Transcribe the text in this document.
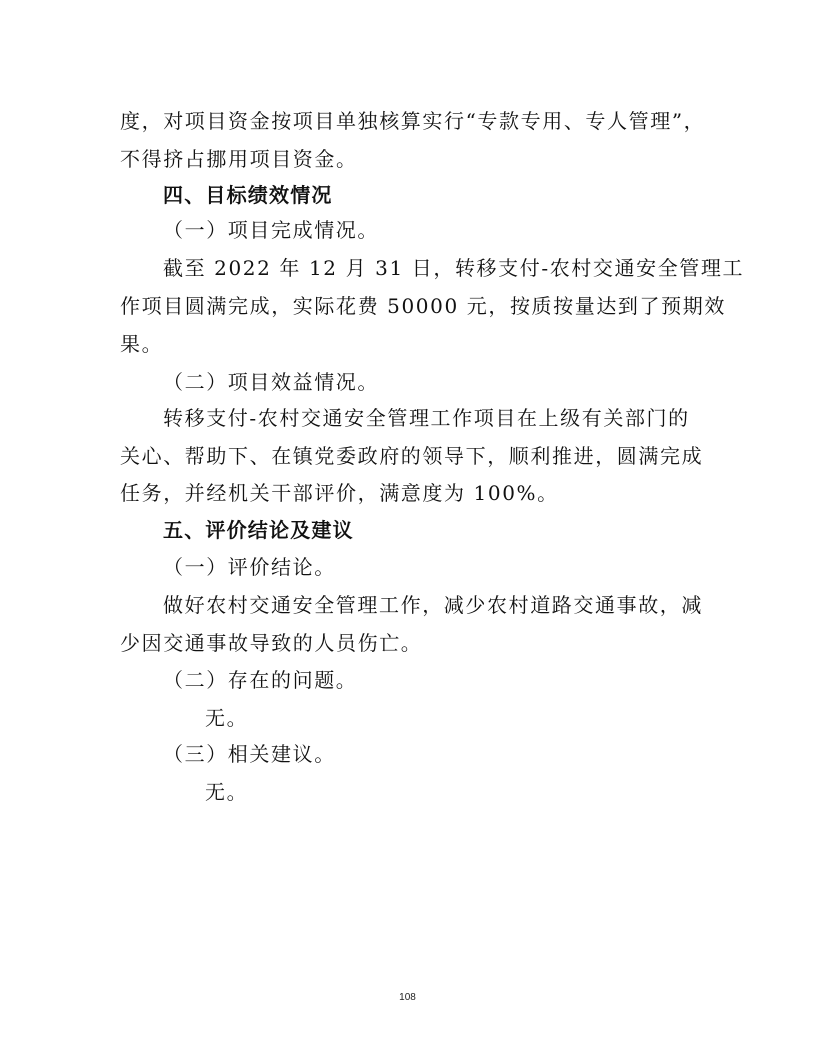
度，对项目资金按项目单独核算实行“专款专用、专人管理”，
不得挤占挪用项目资金。
四、目标绩效情况
（一）项目完成情况。
截至 2022 年 12 月 31 日，转移支付-农村交通安全管理工
作项目圆满完成，实际花费 50000 元，按质按量达到了预期效
果。
（二）项目效益情况。
转移支付-农村交通安全管理工作项目在上级有关部门的
关心、帮助下、在镇党委政府的领导下，顺利推进，圆满完成
任务，并经机关干部评价，满意度为 100%。
五、评价结论及建议
（一）评价结论。
做好农村交通安全管理工作，减少农村道路交通事故，减
少因交通事故导致的人员伤亡。
（二）存在的问题。
无。
（三）相关建议。
无。
108
